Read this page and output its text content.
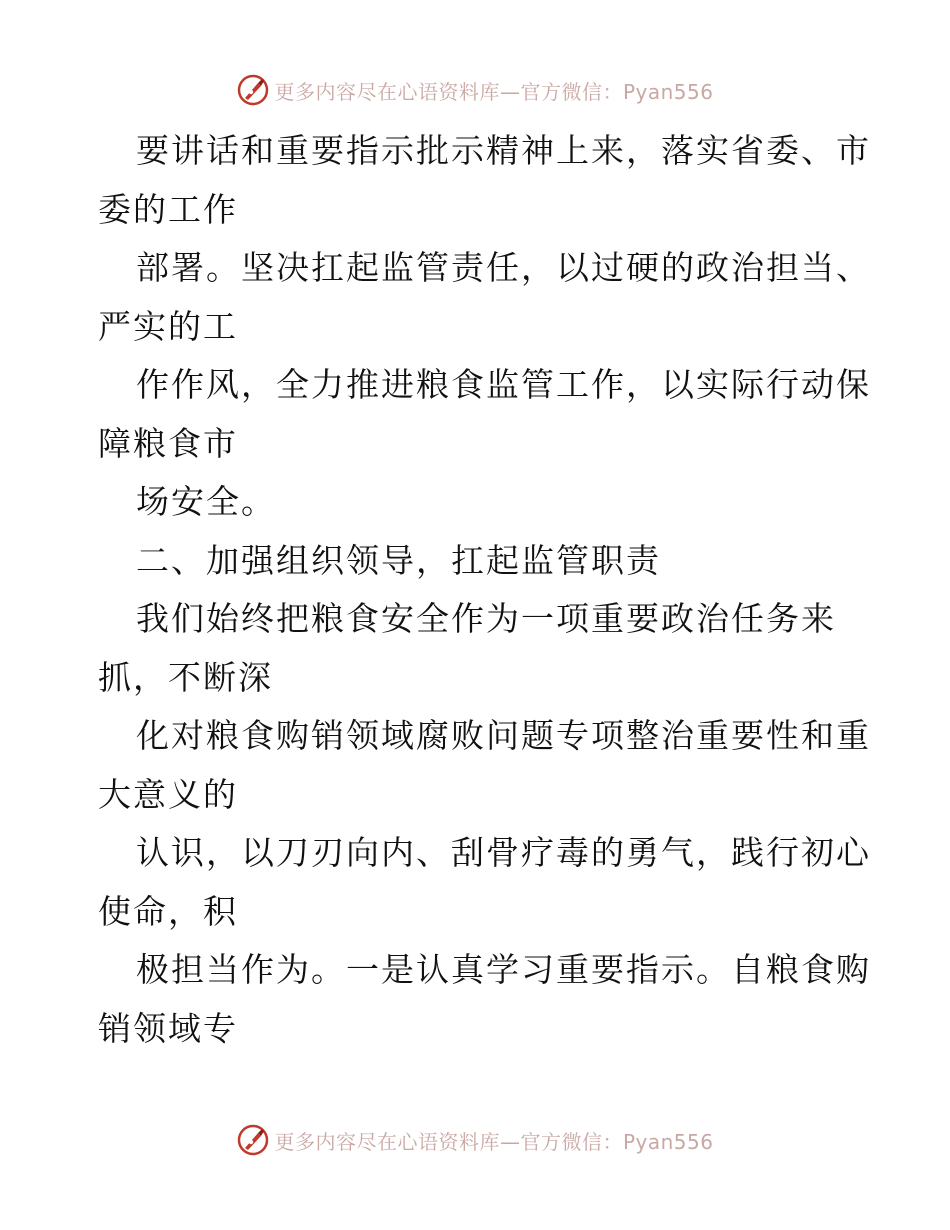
更多内容尽在心语资料库—官方微信：Pyan556
要讲话和重要指示批示精神上来，落实省委、市
委的工作
部署。坚决扛起监管责任，以过硬的政治担当、
严实的工
作作风，全力推进粮食监管工作，以实际行动保
障粮食市
场安全。
二、加强组织领导，扛起监管职责
我们始终把粮食安全作为一项重要政治任务来
抓，不断深
化对粮食购销领域腐败问题专项整治重要性和重
大意义的
认识，以刀刃向内、刮骨疗毒的勇气，践行初心
使命，积
极担当作为。一是认真学习重要指示。自粮食购
销领域专
更多内容尽在心语资料库—官方微信：Pyan556
